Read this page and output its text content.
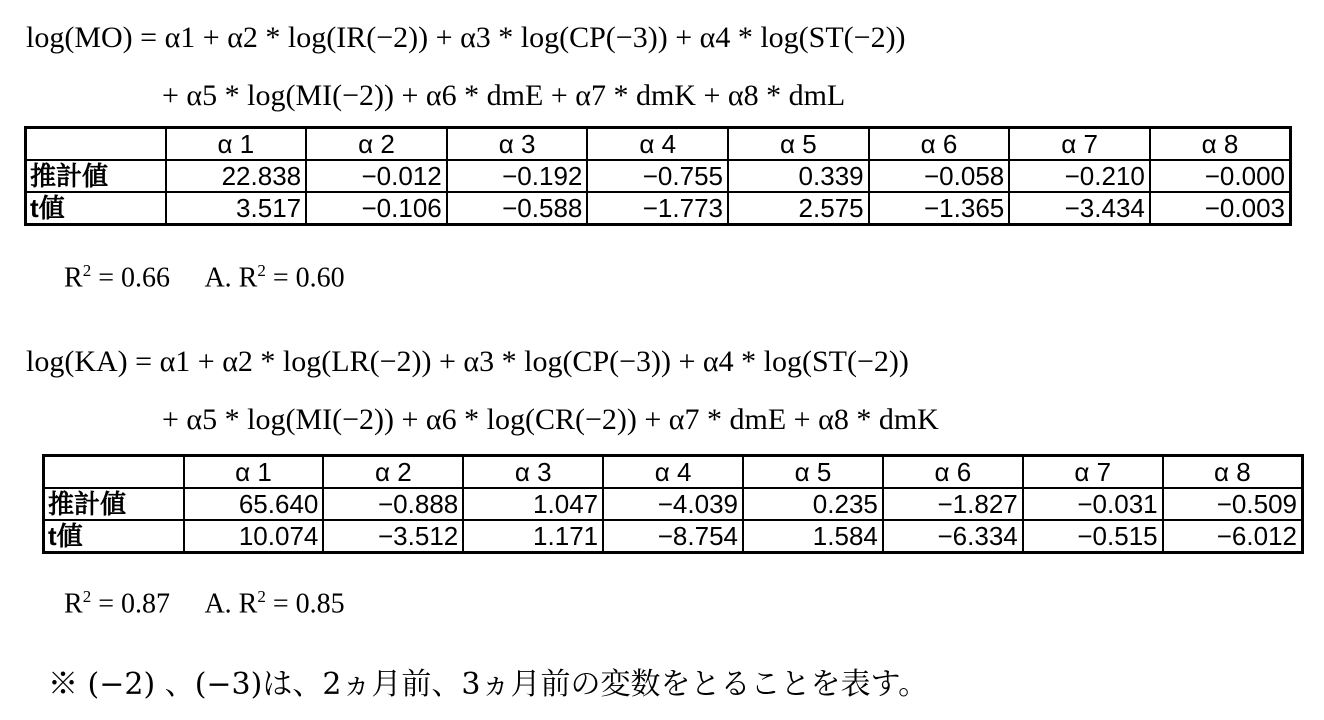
log(MO) = α1 + α2 * log(IR(−2)) + α3 * log(CP(−3)) + α4 * log(ST(−2))
+ α5 * log(MI(−2)) + α6 * dmE + α7 * dmK + α8 * dmL
	α 1	α 2	α 3	α 4	α 5	α 6	α 7	α 8
推計値	22.838	−0.012	−0.192	−0.755	0.339	−0.058	−0.210	−0.000
t値	3.517	−0.106	−0.588	−1.773	2.575	−1.365	−3.434	−0.003
$R^2 = 0.66$ A. $R^2 = 0.60$
log(KA) = α1 + α2 * log(LR(−2)) + α3 * log(CP(−3)) + α4 * log(ST(−2))
+ α5 * log(MI(−2)) + α6 * log(CR(−2)) + α7 * dmE + α8 * dmK
	α 1	α 2	α 3	α 4	α 5	α 6	α 7	α 8
推計値	65.640	−0.888	1.047	−4.039	0.235	−1.827	−0.031	−0.509
t値	10.074	−3.512	1.171	−8.754	1.584	−6.334	−0.515	−6.012
$R^2 = 0.87$ A. $R^2 = 0.85$
※ (−2) 、(−3)は、2ヵ月前、3ヵ月前の変数をとることを表す。
